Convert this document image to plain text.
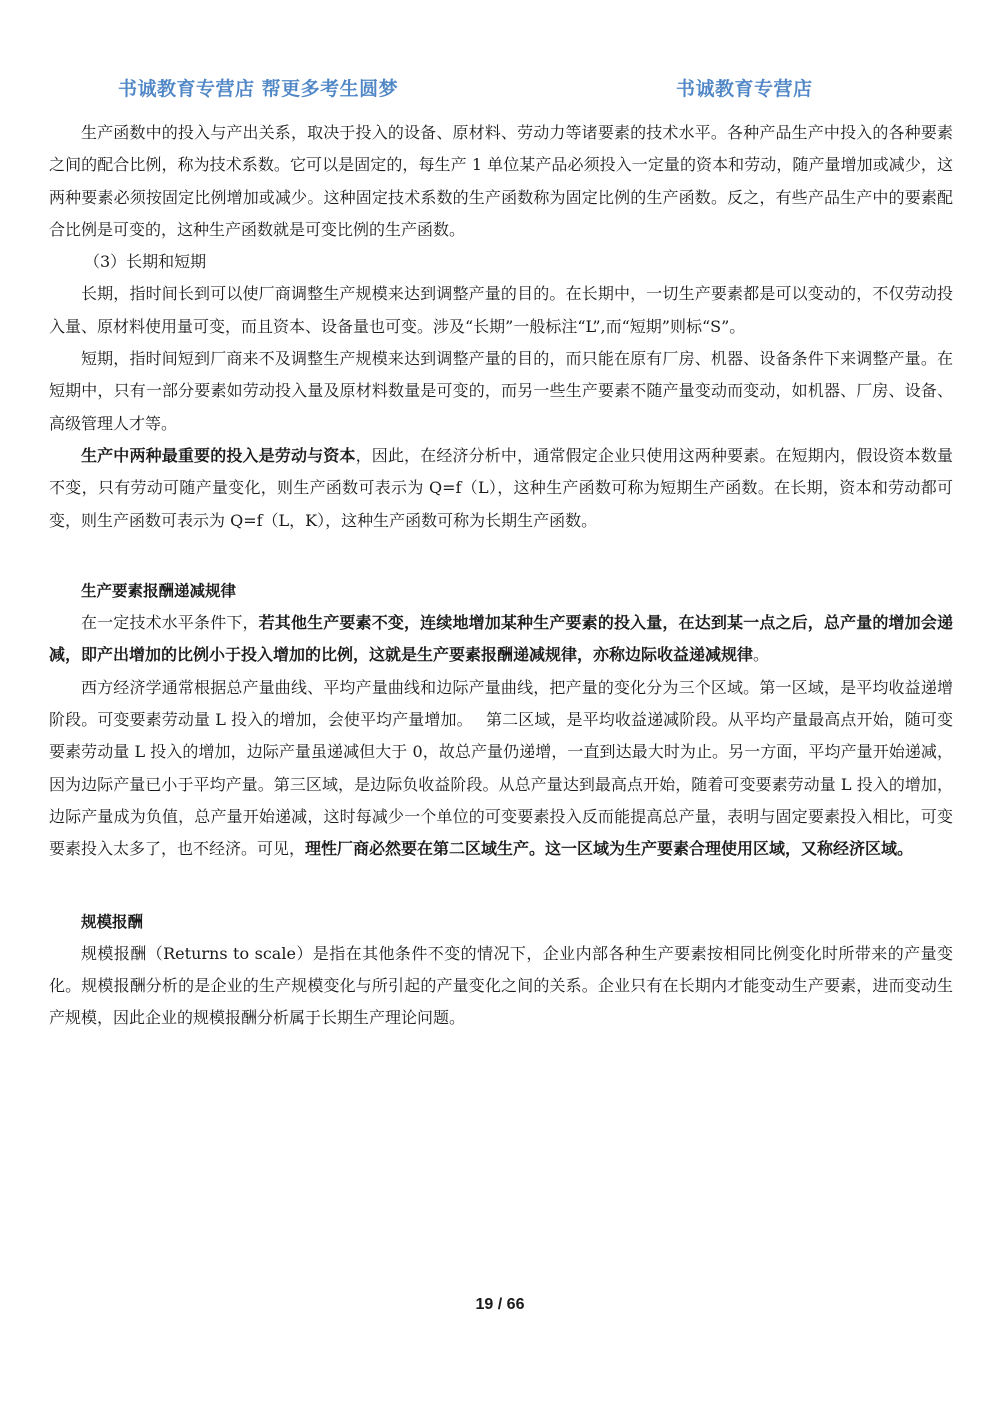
书诚教育专营店 帮更多考生圆梦	书诚教育专营店

生产函数中的投入与产出关系，取决于投入的设备、原材料、劳动力等诸要素的技术水平。各种产品生产中投入的各种要素之间的配合比例，称为技术系数。它可以是固定的，每生产 1 单位某产品必须投入一定量的资本和劳动，随产量增加或减少，这两种要素必须按固定比例增加或减少。这种固定技术系数的生产函数称为固定比例的生产函数。反之，有些产品生产中的要素配合比例是可变的，这种生产函数就是可变比例的生产函数。

（3）长期和短期

长期，指时间长到可以使厂商调整生产规模来达到调整产量的目的。在长期中，一切生产要素都是可以变动的，不仅劳动投入量、原材料使用量可变，而且资本、设备量也可变。涉及“长期”一般标注“L”,而“短期”则标“S”。

短期，指时间短到厂商来不及调整生产规模来达到调整产量的目的，而只能在原有厂房、机器、设备条件下来调整产量。在短期中，只有一部分要素如劳动投入量及原材料数量是可变的，而另一些生产要素不随产量变动而变动，如机器、厂房、设备、高级管理人才等。

生产中两种最重要的投入是劳动与资本，因此，在经济分析中，通常假定企业只使用这两种要素。在短期内，假设资本数量不变，只有劳动可随产量变化，则生产函数可表示为 Q=f（L），这种生产函数可称为短期生产函数。在长期，资本和劳动都可变，则生产函数可表示为 Q=f（L，K），这种生产函数可称为长期生产函数。

生产要素报酬递减规律

在一定技术水平条件下，若其他生产要素不变，连续地增加某种生产要素的投入量，在达到某一点之后，总产量的增加会递减，即产出增加的比例小于投入增加的比例，这就是生产要素报酬递减规律，亦称边际收益递减规律。

西方经济学通常根据总产量曲线、平均产量曲线和边际产量曲线，把产量的变化分为三个区域。第一区域，是平均收益递增阶段。可变要素劳动量 L 投入的增加，会使平均产量增加。　 第二区域，是平均收益递减阶段。从平均产量最高点开始，随可变要素劳动量 L 投入的增加，边际产量虽递减但大于 0，故总产量仍递增，一直到达最大时为止。另一方面，平均产量开始递减，因为边际产量已小于平均产量。第三区域，是边际负收益阶段。从总产量达到最高点开始，随着可变要素劳动量 L 投入的增加，边际产量成为负值，总产量开始递减，这时每减少一个单位的可变要素投入反而能提高总产量，表明与固定要素投入相比，可变要素投入太多了，也不经济。可见，理性厂商必然要在第二区域生产。这一区域为生产要素合理使用区域，又称经济区域。

规模报酬

规模报酬（Returns to scale）是指在其他条件不变的情况下，企业内部各种生产要素按相同比例变化时所带来的产量变化。规模报酬分析的是企业的生产规模变化与所引起的产量变化之间的关系。企业只有在长期内才能变动生产要素，进而变动生产规模，因此企业的规模报酬分析属于长期生产理论问题。

19 / 66
